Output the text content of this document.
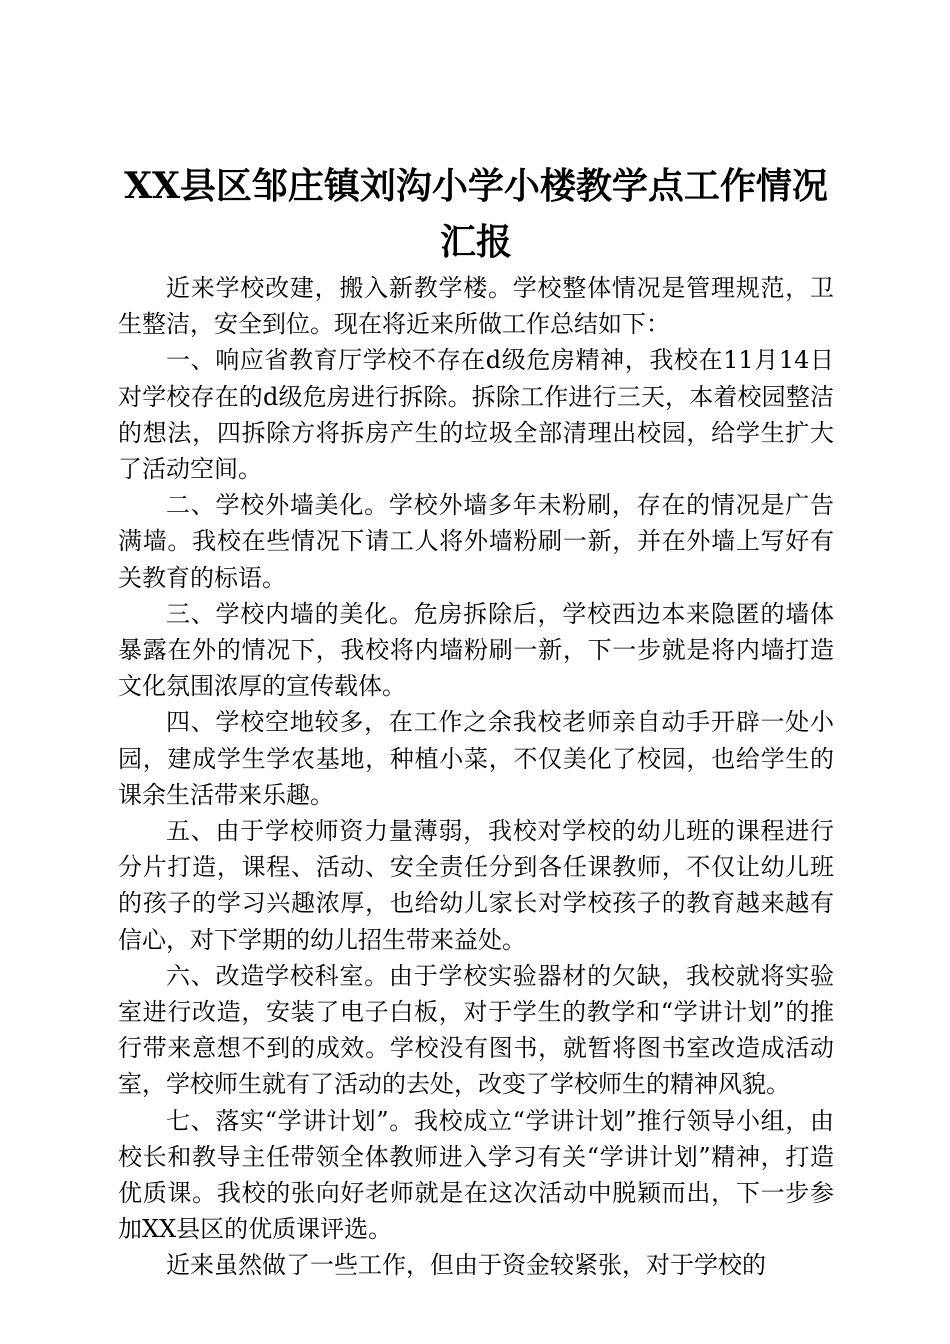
XX县区邹庄镇刘沟小学小楼教学点工作情况
汇报

近来学校改建，搬入新教学楼。学校整体情况是管理规范，卫生整洁，安全到位。现在将近来所做工作总结如下：

一、响应省教育厅学校不存在d级危房精神，我校在11月14日对学校存在的d级危房进行拆除。拆除工作进行三天，本着校园整洁的想法，四拆除方将拆房产生的垃圾全部清理出校园，给学生扩大了活动空间。

二、学校外墙美化。学校外墙多年未粉刷，存在的情况是广告满墙。我校在些情况下请工人将外墙粉刷一新，并在外墙上写好有关教育的标语。

三、学校内墙的美化。危房拆除后，学校西边本来隐匿的墙体暴露在外的情况下，我校将内墙粉刷一新，下一步就是将内墙打造文化氛围浓厚的宣传载体。

四、学校空地较多，在工作之余我校老师亲自动手开辟一处小园，建成学生学农基地，种植小菜，不仅美化了校园，也给学生的课余生活带来乐趣。

五、由于学校师资力量薄弱，我校对学校的幼儿班的课程进行分片打造，课程、活动、安全责任分到各任课教师，不仅让幼儿班的孩子的学习兴趣浓厚，也给幼儿家长对学校孩子的教育越来越有信心，对下学期的幼儿招生带来益处。

六、改造学校科室。由于学校实验器材的欠缺，我校就将实验室进行改造，安装了电子白板，对于学生的教学和“学讲计划”的推行带来意想不到的成效。学校没有图书，就暂将图书室改造成活动室，学校师生就有了活动的去处，改变了学校师生的精神风貌。

七、落实“学讲计划”。我校成立“学讲计划”推行领导小组，由校长和教导主任带领全体教师进入学习有关“学讲计划”精神，打造优质课。我校的张向好老师就是在这次活动中脱颖而出，下一步参加XX县区的优质课评选。

近来虽然做了一些工作，但由于资金较紧张，对于学校的
